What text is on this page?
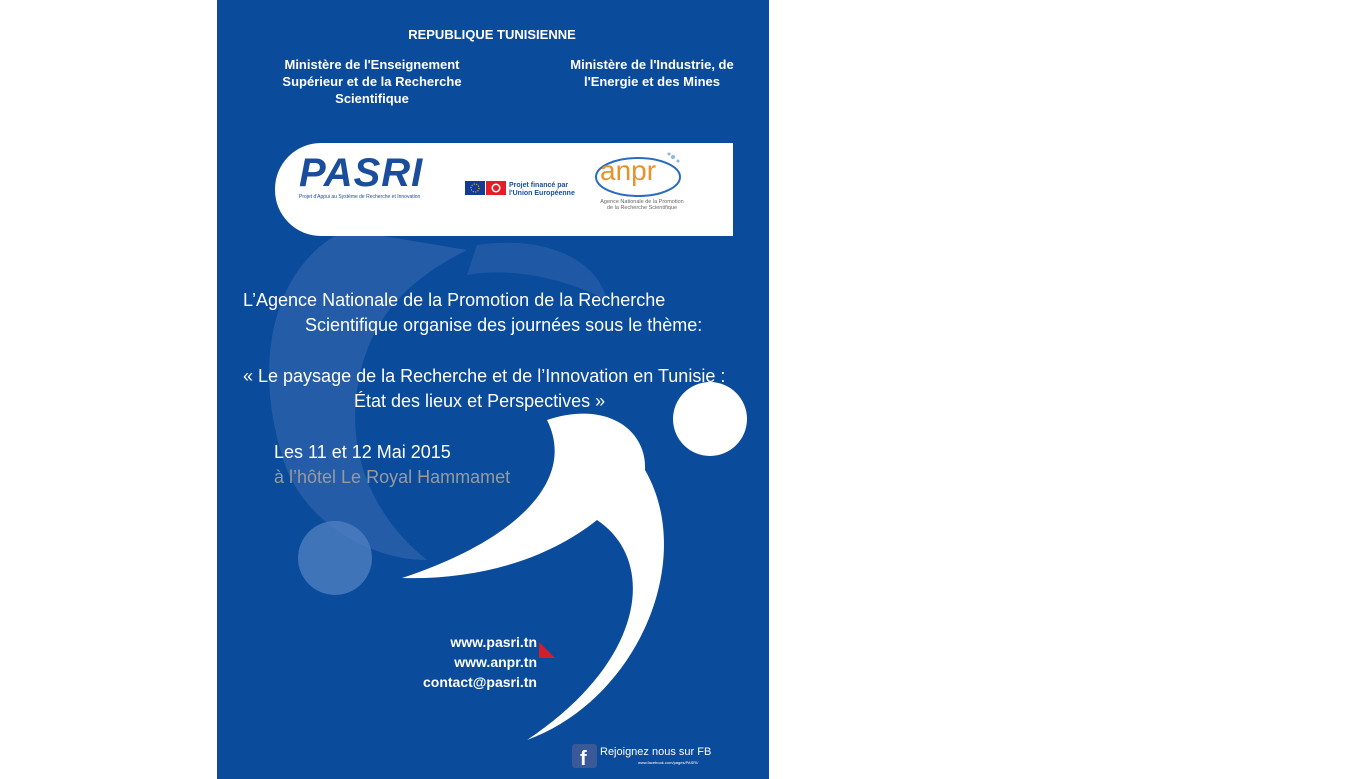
REPUBLIQUE TUNISIENNE
Ministère de l'Enseignement
Supérieur et de la Recherche Scientifique
Ministère de l'Industrie, de
l'Energie et des Mines
PASRI
Projet d'Appui au Système de Recherche et Innovation
Projet financé par
l'Union Européenne
anpr
Agence Nationale de la Promotion
de la Recherche Scientifique
L’Agence Nationale de la Promotion de la Recherche
Scientifique organise des journées sous le thème:
« Le paysage de la Recherche et de l’Innovation en Tunisie :
État des lieux et Perspectives »
Les 11 et 12 Mai 2015
à l’hôtel Le Royal Hammamet
www.pasri.tn
www.anpr.tn
contact@pasri.tn
f Rejoignez nous sur FB
www.facebook.com/pages/PASRI/
